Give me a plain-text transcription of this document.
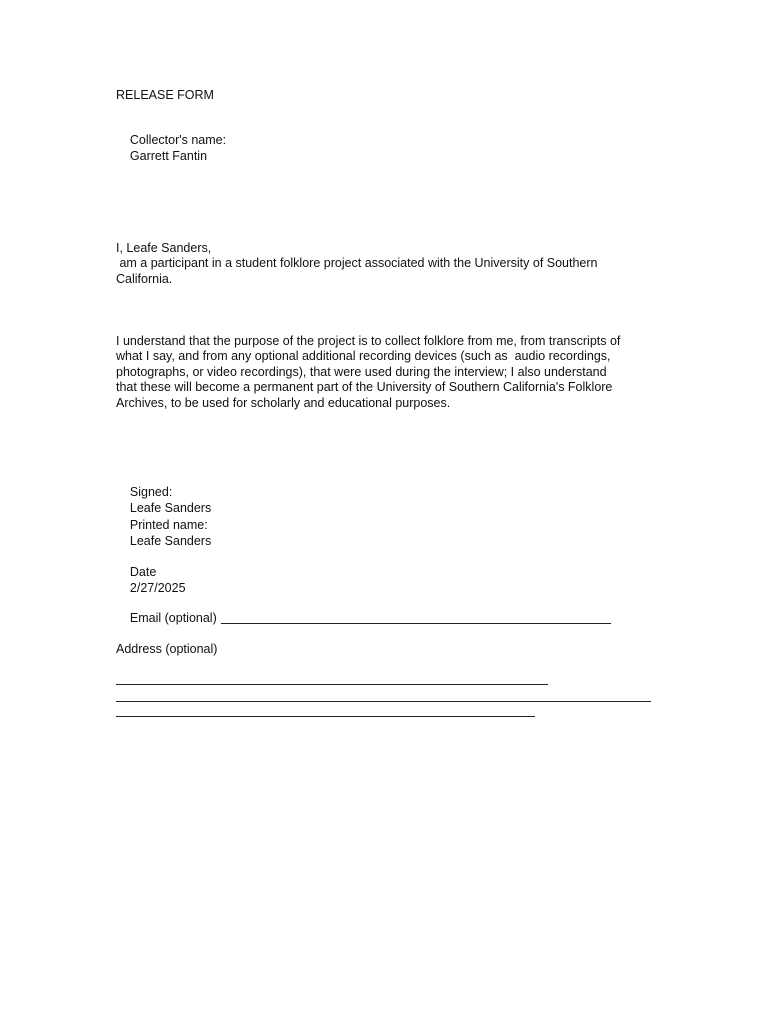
RELEASE FORM

Collector's name:
Garrett Fantin

I, Leafe Sanders,
am a participant in a student folklore project associated with the University of Southern
California.
I understand that the purpose of the project is to collect folklore from me, from transcripts of
what I say, and from any optional additional recording devices (such as  audio recordings,
photographs, or video recordings), that were used during the interview; I also understand
that these will become a permanent part of the University of Southern California's Folklore
Archives, to be used for scholarly and educational purposes.

Signed:
Leafe Sanders

Printed name:
Leafe Sanders

Date
2/27/2025

Email (optional)

Address (optional)
